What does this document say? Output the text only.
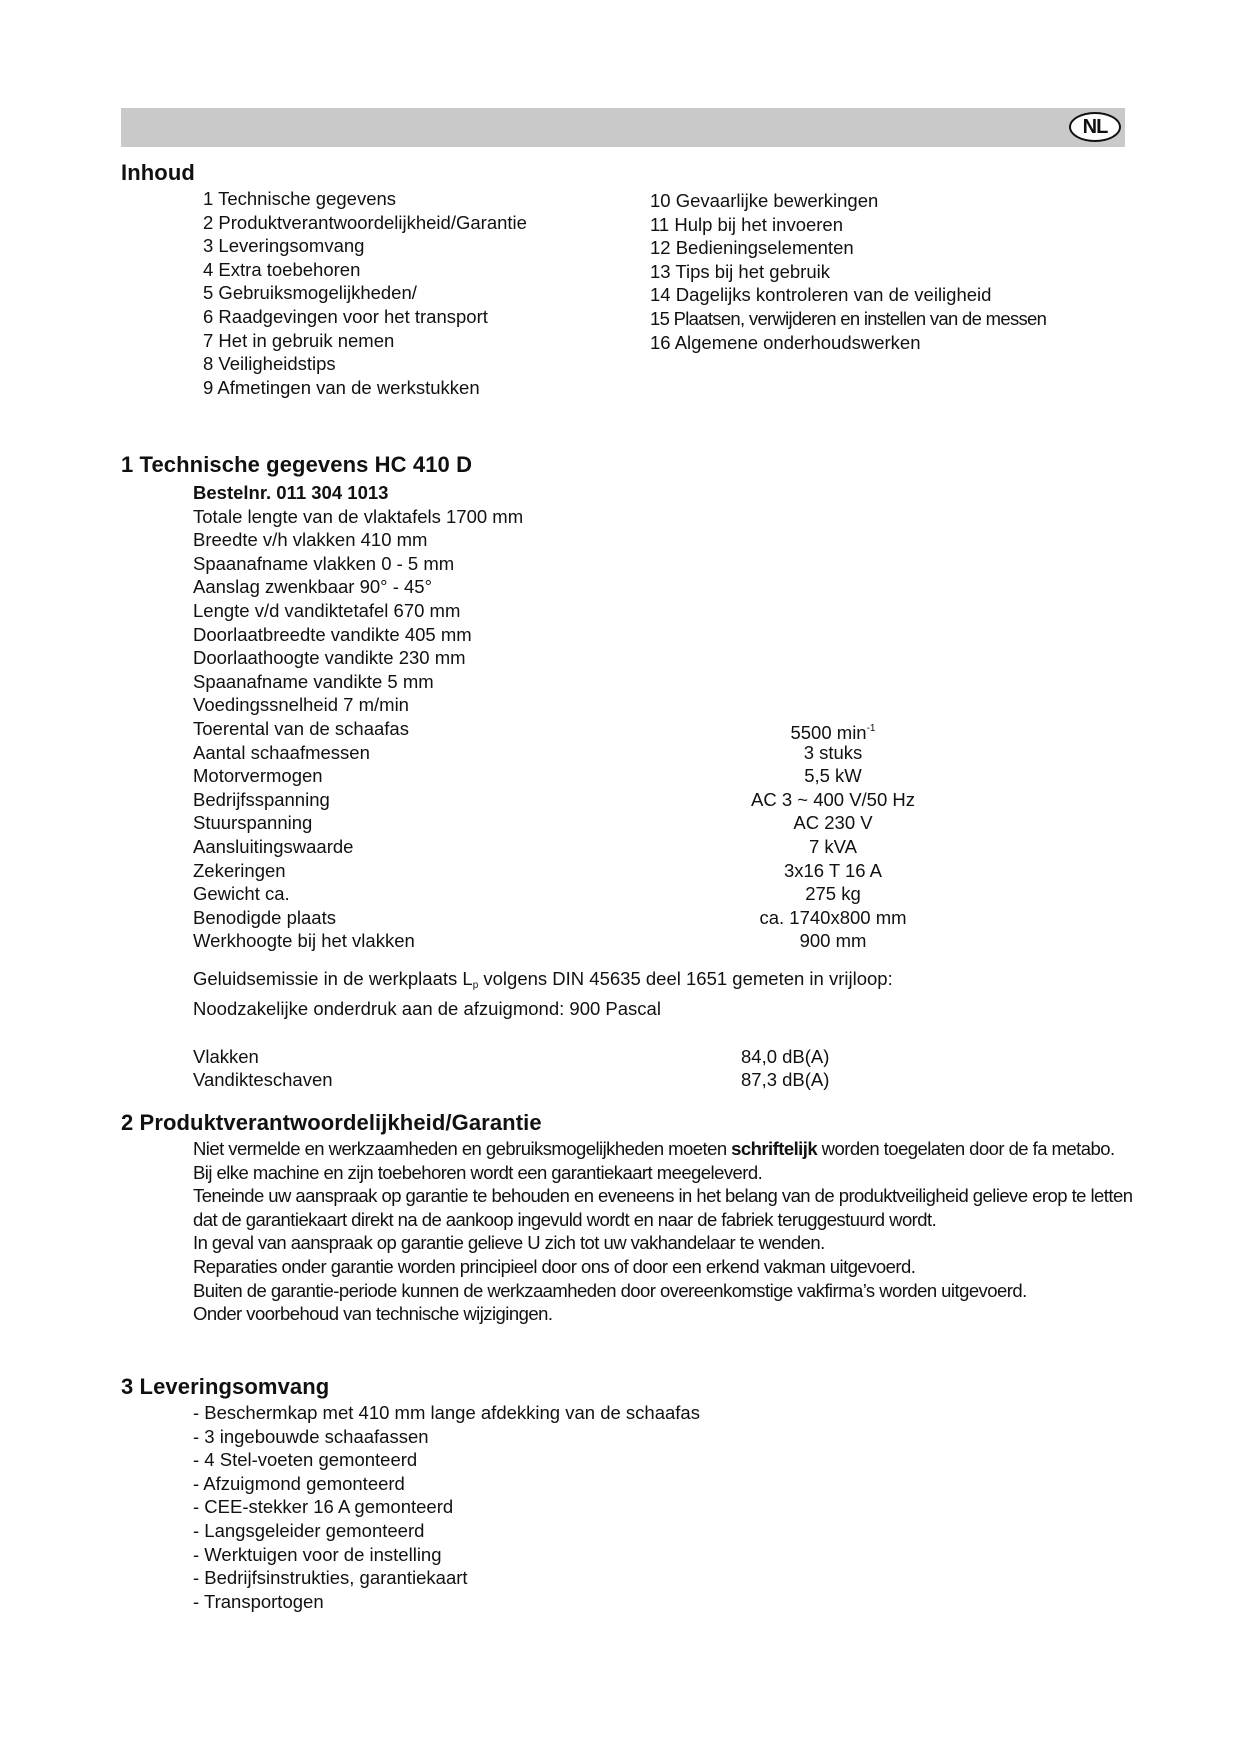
NL
Inhoud
1 Technische gegevens
2 Produktverantwoordelijkheid/Garantie
3 Leveringsomvang
4 Extra toebehoren
5 Gebruiksmogelijkheden/
6 Raadgevingen voor het transport
7 Het in gebruik nemen
8 Veiligheidstips
9 Afmetingen van de werkstukken
10 Gevaarlijke bewerkingen
11 Hulp bij het invoeren
12 Bedieningselementen
13 Tips bij het gebruik
14 Dagelijks kontroleren van de veiligheid
15 Plaatsen, verwijderen en instellen van de messen
16 Algemene onderhoudswerken
1 Technische gegevens HC 410 D
Bestelnr. 011 304 1013
Totale lengte van de vlaktafels 1700 mm
Breedte v/h vlakken 410 mm
Spaanafname vlakken 0 - 5 mm
Aanslag zwenkbaar 90° - 45°
Lengte v/d vandiktetafel 670 mm
Doorlaatbreedte vandikte 405 mm
Doorlaathoogte vandikte 230 mm
Spaanafname vandikte 5 mm
Voedingssnelheid 7 m/min
Toerental van de schaafas	5500 $\min^{-1}$
Aantal schaafmessen	3 stuks
Motorvermogen	5,5 kW
Bedrijfsspanning	AC 3 ~ 400 V/50 Hz
Stuurspanning	AC 230 V
Aansluitingswaarde	7 kVA
Zekeringen	3x16 T 16 A
Gewicht ca.	275 kg
Benodigde plaats	ca. 1740x800 mm
Werkhoogte bij het vlakken	900 mm
Geluidsemissie in de werkplaats $L_p$ volgens DIN 45635 deel 1651 gemeten in vrijloop:
Noodzakelijke onderdruk aan de afzuigmond: 900 Pascal
Vlakken	84,0 dB(A)
Vandikteschaven	87,3 dB(A)
2 Produktverantwoordelijkheid/Garantie

Niet vermelde en werkzaamheden en gebruiksmogelijkheden moeten schriftelijk worden toegelaten door de fa metabo.

Bij elke machine en zijn toebehoren wordt een garantiekaart meegeleverd.

Teneinde uw aanspraak op garantie te behouden en eveneens in het belang van de produktveiligheid gelieve erop te letten dat de garantiekaart direkt na de aankoop ingevuld wordt en naar de fabriek teruggestuurd wordt.

In geval van aanspraak op garantie gelieve U zich tot uw vakhandelaar te wenden.

Reparaties onder garantie worden principieel door ons of door een erkend vakman uitgevoerd.

Buiten de garantie-periode kunnen de werkzaamheden door overeenkomstige vakfirma’s worden uitgevoerd.

Onder voorbehoud van technische wijzigingen.

3 Leveringsomvang
- Beschermkap met 410 mm lange afdekking van de schaafas
- 3 ingebouwde schaafassen
- 4 Stel-voeten gemonteerd
- Afzuigmond gemonteerd
- CEE-stekker 16 A gemonteerd
- Langsgeleider gemonteerd
- Werktuigen voor de instelling
- Bedrijfsinstrukties, garantiekaart
- Transportogen
